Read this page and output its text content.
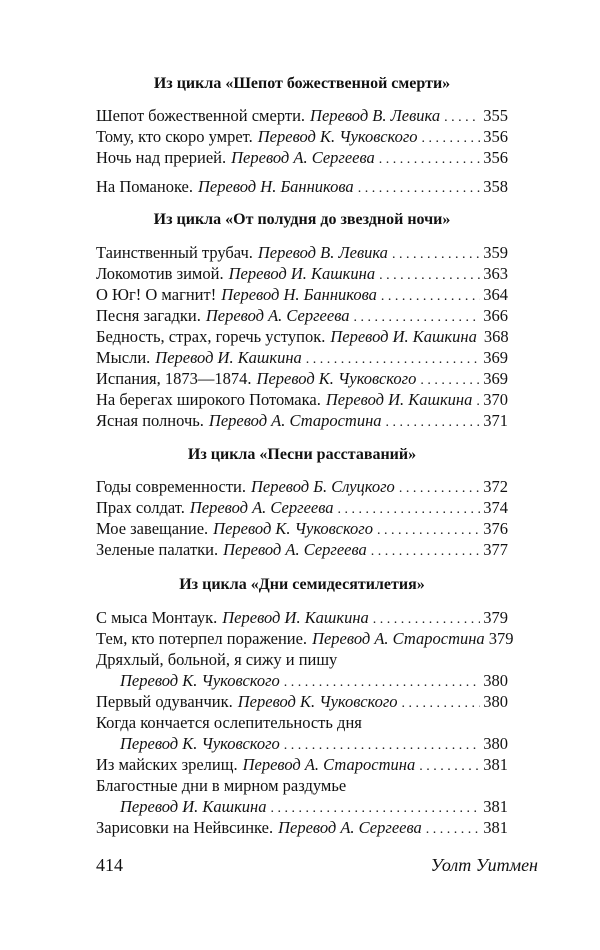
Из цикла «Шепот божественной смерти»
Шепот божественной смерти. Перевод В. Левика . . .	355
Тому, кто скоро умрет. Перевод К. Чуковского . . .	356
Ночь над прерией. Перевод А. Сергеева . . .	356
На Поманоке. Перевод Н. Банникова . . .	358
Из цикла «От полудня до звездной ночи»
Таинственный трубач. Перевод В. Левика . . .	359
Локомотив зимой. Перевод И. Кашкина . . .	363
О Юг! О магнит! Перевод Н. Банникова . . .	364
Песня загадки. Перевод А. Сергеева . . .	366
Бедность, страх, горечь уступок. Перевод И. Кашкина 368
Мысли. Перевод И. Кашкина . . .	369
Испания, 1873—1874. Перевод К. Чуковского . . .	369
На берегах широкого Потомака. Перевод И. Кашкина . . . 370
Ясная полночь. Перевод А. Старостина . . .	371
Из цикла «Песни расставаний»
Годы современности. Перевод Б. Слуцкого . . .	372
Прах солдат. Перевод А. Сергеева . . .	374
Мое завещание. Перевод К. Чуковского . . .	376
Зеленые палатки. Перевод А. Сергеева . . .	377
Из цикла «Дни семидесятилетия»
С мыса Монтаук. Перевод И. Кашкина . . .	379
Тем, кто потерпел поражение. Перевод А. Старостина 379
Дряхлый, больной, я сижу и пишу
Перевод К. Чуковского . . .	380
Первый одуванчик. Перевод К. Чуковского . . .	380
Когда кончается ослепительность дня
Перевод К. Чуковского . . .	380
Из майских зрелищ. Перевод А. Старостина . . .	381
Благостные дни в мирном раздумье
Перевод И. Кашкина . . .	381
Зарисовки на Нейвсинке. Перевод А. Сергеева . . .	381
414	Уолт Уитмен
